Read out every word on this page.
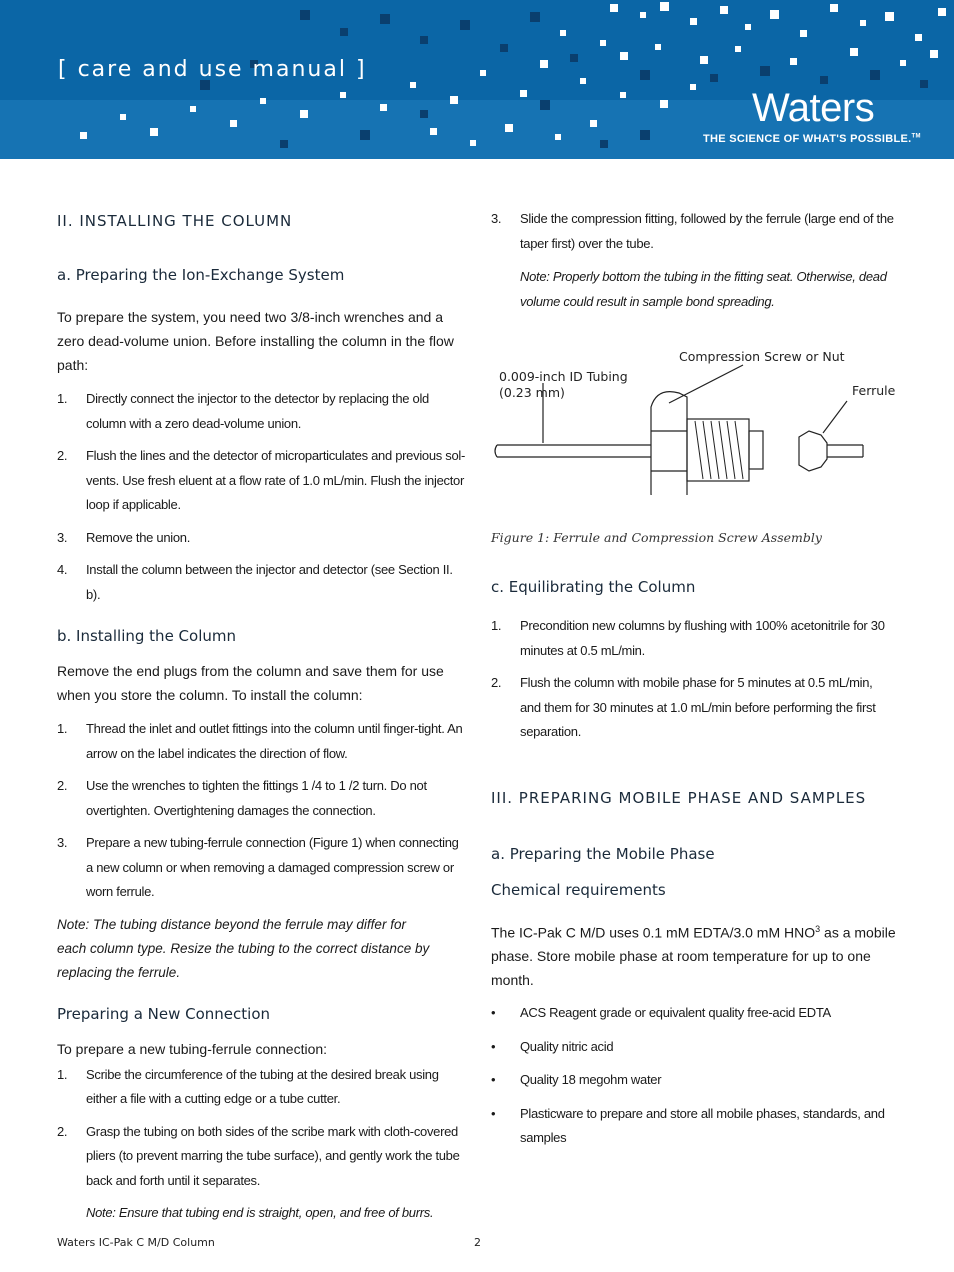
[ care and use manual ]
Waters
THE SCIENCE OF WHAT'S POSSIBLE.™
II. INSTALLING THE COLUMN
a. Preparing the Ion-Exchange System

To prepare the system, you need two 3/8-inch wrenches and a zero dead-volume union. Before installing the column in the flow path:

1. Directly connect the injector to the detector by replacing the old column with a zero dead-volume union.
2. Flush the lines and the detector of microparticulates and previous sol-vents. Use fresh eluent at a flow rate of 1.0 mL/min. Flush the injector loop if applicable.
3. Remove the union.
4. Install the column between the injector and detector (see Section II. b).
b. Installing the Column

Remove the end plugs from the column and save them for use when you store the column. To install the column:

1. Thread the inlet and outlet fittings into the column until finger-tight. An arrow on the label indicates the direction of flow.
2. Use the wrenches to tighten the fittings 1 /4 to 1 /2 turn. Do not overtighten. Overtightening damages the connection.
3. Prepare a new tubing-ferrule connection (Figure 1) when connecting a new column or when removing a damaged compression screw or worn ferrule.

Note: The tubing distance beyond the ferrule may differ for each column type. Resize the tubing to the correct distance by replacing the ferrule.

Preparing a New Connection

To prepare a new tubing-ferrule connection:

1. Scribe the circumference of the tubing at the desired break using either a file with a cutting edge or a tube cutter.
2. Grasp the tubing on both sides of the scribe mark with cloth-covered pliers (to prevent marring the tube surface), and gently work the tube back and forth until it separates.

Note: Ensure that tubing end is straight, open, and free of burrs.

3. Slide the compression fitting, followed by the ferrule (large end of the taper first) over the tube.

Note: Properly bottom the tubing in the fitting seat. Otherwise, dead volume could result in sample bond spreading.

Compression Screw or Nut
0.009-inch ID Tubing
(0.23 mm)	Ferrule
Figure 1: Ferrule and Compression Screw Assembly
c. Equilibrating the Column
1. Precondition new columns by flushing with 100% acetonitrile for 30 minutes at 0.5 mL/min.
2. Flush the column with mobile phase for 5 minutes at 0.5 mL/min, and them for 30 minutes at 1.0 mL/min before performing the first separation.
III. PREPARING MOBILE PHASE AND SAMPLES
a. Preparing the Mobile Phase
Chemical requirements

The IC-Pak C M/D uses 0.1 mM EDTA/3.0 mM HNO$^3$ as a mobile phase. Store mobile phase at room temperature for up to one month.

• ACS Reagent grade or equivalent quality free-acid EDTA
• Quality nitric acid
• Quality 18 megohm water
• Plasticware to prepare and store all mobile phases, standards, and samples
Waters IC-Pak C M/D Column	2
